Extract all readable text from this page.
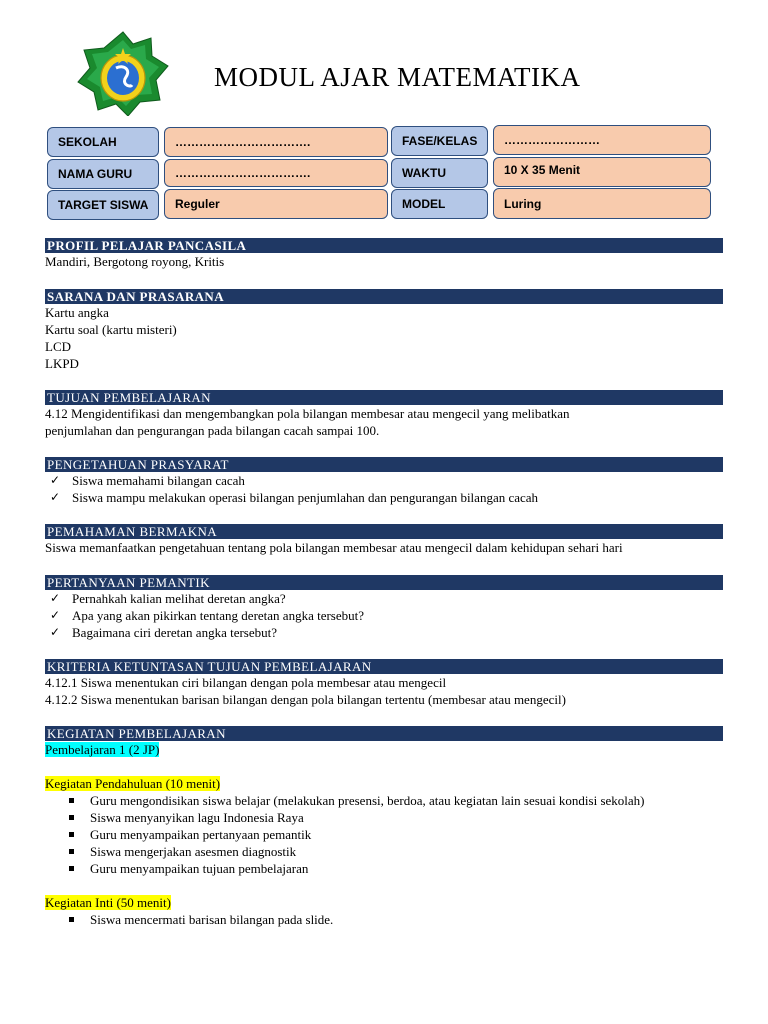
MODUL AJAR MATEMATIKA
SEKOLAH	…………………………….	FASE/KELAS	……………………
NAMA GURU	…………………………….	WAKTU	10 X 35 Menit
TARGET SISWA	Reguler	MODEL	Luring
PROFIL PELAJAR PANCASILA
Mandiri, Bergotong royong, Kritis
SARANA DAN PRASARANA
Kartu angka
Kartu soal (kartu misteri)
LCD
LKPD
TUJUAN PEMBELAJARAN
4.12 Mengidentifikasi dan mengembangkan pola bilangan membesar atau mengecil yang melibatkan
penjumlahan dan pengurangan pada bilangan cacah sampai 100.
PENGETAHUAN PRASYARAT
✓ Siswa memahami bilangan cacah
✓ Siswa mampu melakukan operasi bilangan penjumlahan dan pengurangan bilangan cacah
PEMAHAMAN BERMAKNA
Siswa memanfaatkan pengetahuan tentang pola bilangan membesar atau mengecil dalam kehidupan sehari hari
PERTANYAAN PEMANTIK
✓ Pernahkah kalian melihat deretan angka?
✓ Apa yang akan pikirkan tentang deretan angka tersebut?
✓ Bagaimana ciri deretan angka tersebut?
KRITERIA KETUNTASAN TUJUAN PEMBELAJARAN
4.12.1 Siswa menentukan ciri bilangan dengan pola membesar atau mengecil
4.12.2 Siswa menentukan barisan bilangan dengan pola bilangan tertentu (membesar atau mengecil)
KEGIATAN PEMBELAJARAN
Pembelajaran 1 (2 JP)
Kegiatan Pendahuluan (10 menit)
Guru mengondisikan siswa belajar (melakukan presensi, berdoa, atau kegiatan lain sesuai kondisi sekolah)
Siswa menyanyikan lagu Indonesia Raya
Guru menyampaikan pertanyaan pemantik
Siswa mengerjakan asesmen diagnostik
Guru menyampaikan tujuan pembelajaran
Kegiatan Inti (50 menit)
Siswa mencermati barisan bilangan pada slide.
